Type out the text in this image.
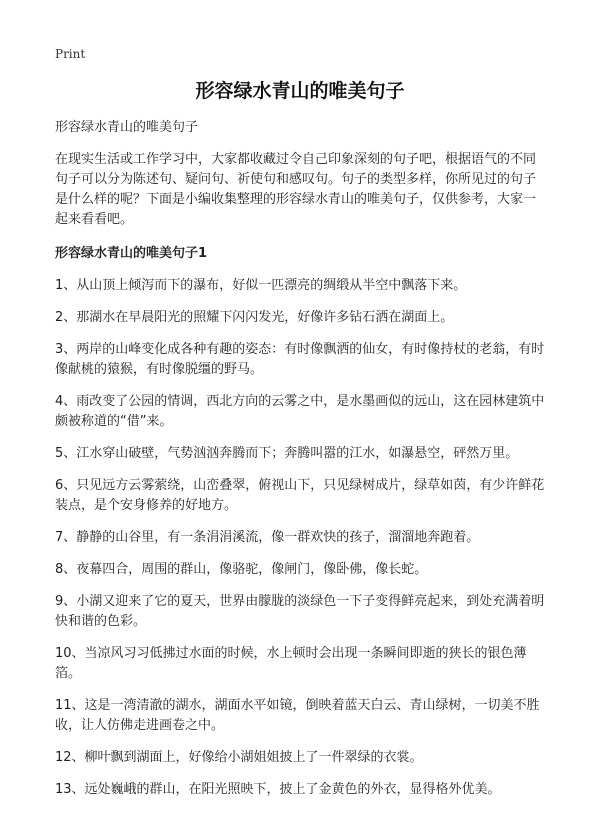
Print
形容绿水青山的唯美句子

形容绿水青山的唯美句子

在现实生活或工作学习中，大家都收藏过令自己印象深刻的句子吧，根据语气的不同句子可以分为陈述句、疑问句、祈使句和感叹句。句子的类型多样，你所见过的句子是什么样的呢？下面是小编收集整理的形容绿水青山的唯美句子，仅供参考，大家一起来看看吧。

形容绿水青山的唯美句子1

1、从山顶上倾泻而下的瀑布，好似一匹漂亮的绸缎从半空中飘落下来。

2、那湖水在早晨阳光的照耀下闪闪发光，好像许多钻石洒在湖面上。

3、两岸的山峰变化成各种有趣的姿态：有时像飘洒的仙女，有时像持杖的老翁，有时像献桃的猿猴，有时像脱缰的野马。

4、雨改变了公园的情调，西北方向的云雾之中，是水墨画似的远山，这在园林建筑中颇被称道的“借”来。

5、江水穿山破壁，气势汹汹奔腾而下；奔腾叫嚣的江水，如瀑悬空，砰然万里。

6、只见远方云雾萦绕，山峦叠翠，俯视山下，只见绿树成片，绿草如茵，有少许鲜花装点，是个安身修养的好地方。

7、静静的山谷里，有一条涓涓溪流，像一群欢快的孩子，溜溜地奔跑着。

8、夜幕四合，周围的群山，像骆驼，像闸门，像卧佛，像长蛇。

9、小湖又迎来了它的夏天，世界由朦胧的淡绿色一下子变得鲜亮起来，到处充满着明快和谐的色彩。

10、当凉风习习低拂过水面的时候，水上顿时会出现一条瞬间即逝的狭长的银色薄箔。

11、这是一湾清澈的湖水，湖面水平如镜，倒映着蓝天白云、青山绿树，一切美不胜收，让人仿佛走进画卷之中。

12、柳叶飘到湖面上，好像给小湖姐姐披上了一件翠绿的衣裳。

13、远处巍峨的群山，在阳光照映下，披上了金黄色的外衣，显得格外优美。
